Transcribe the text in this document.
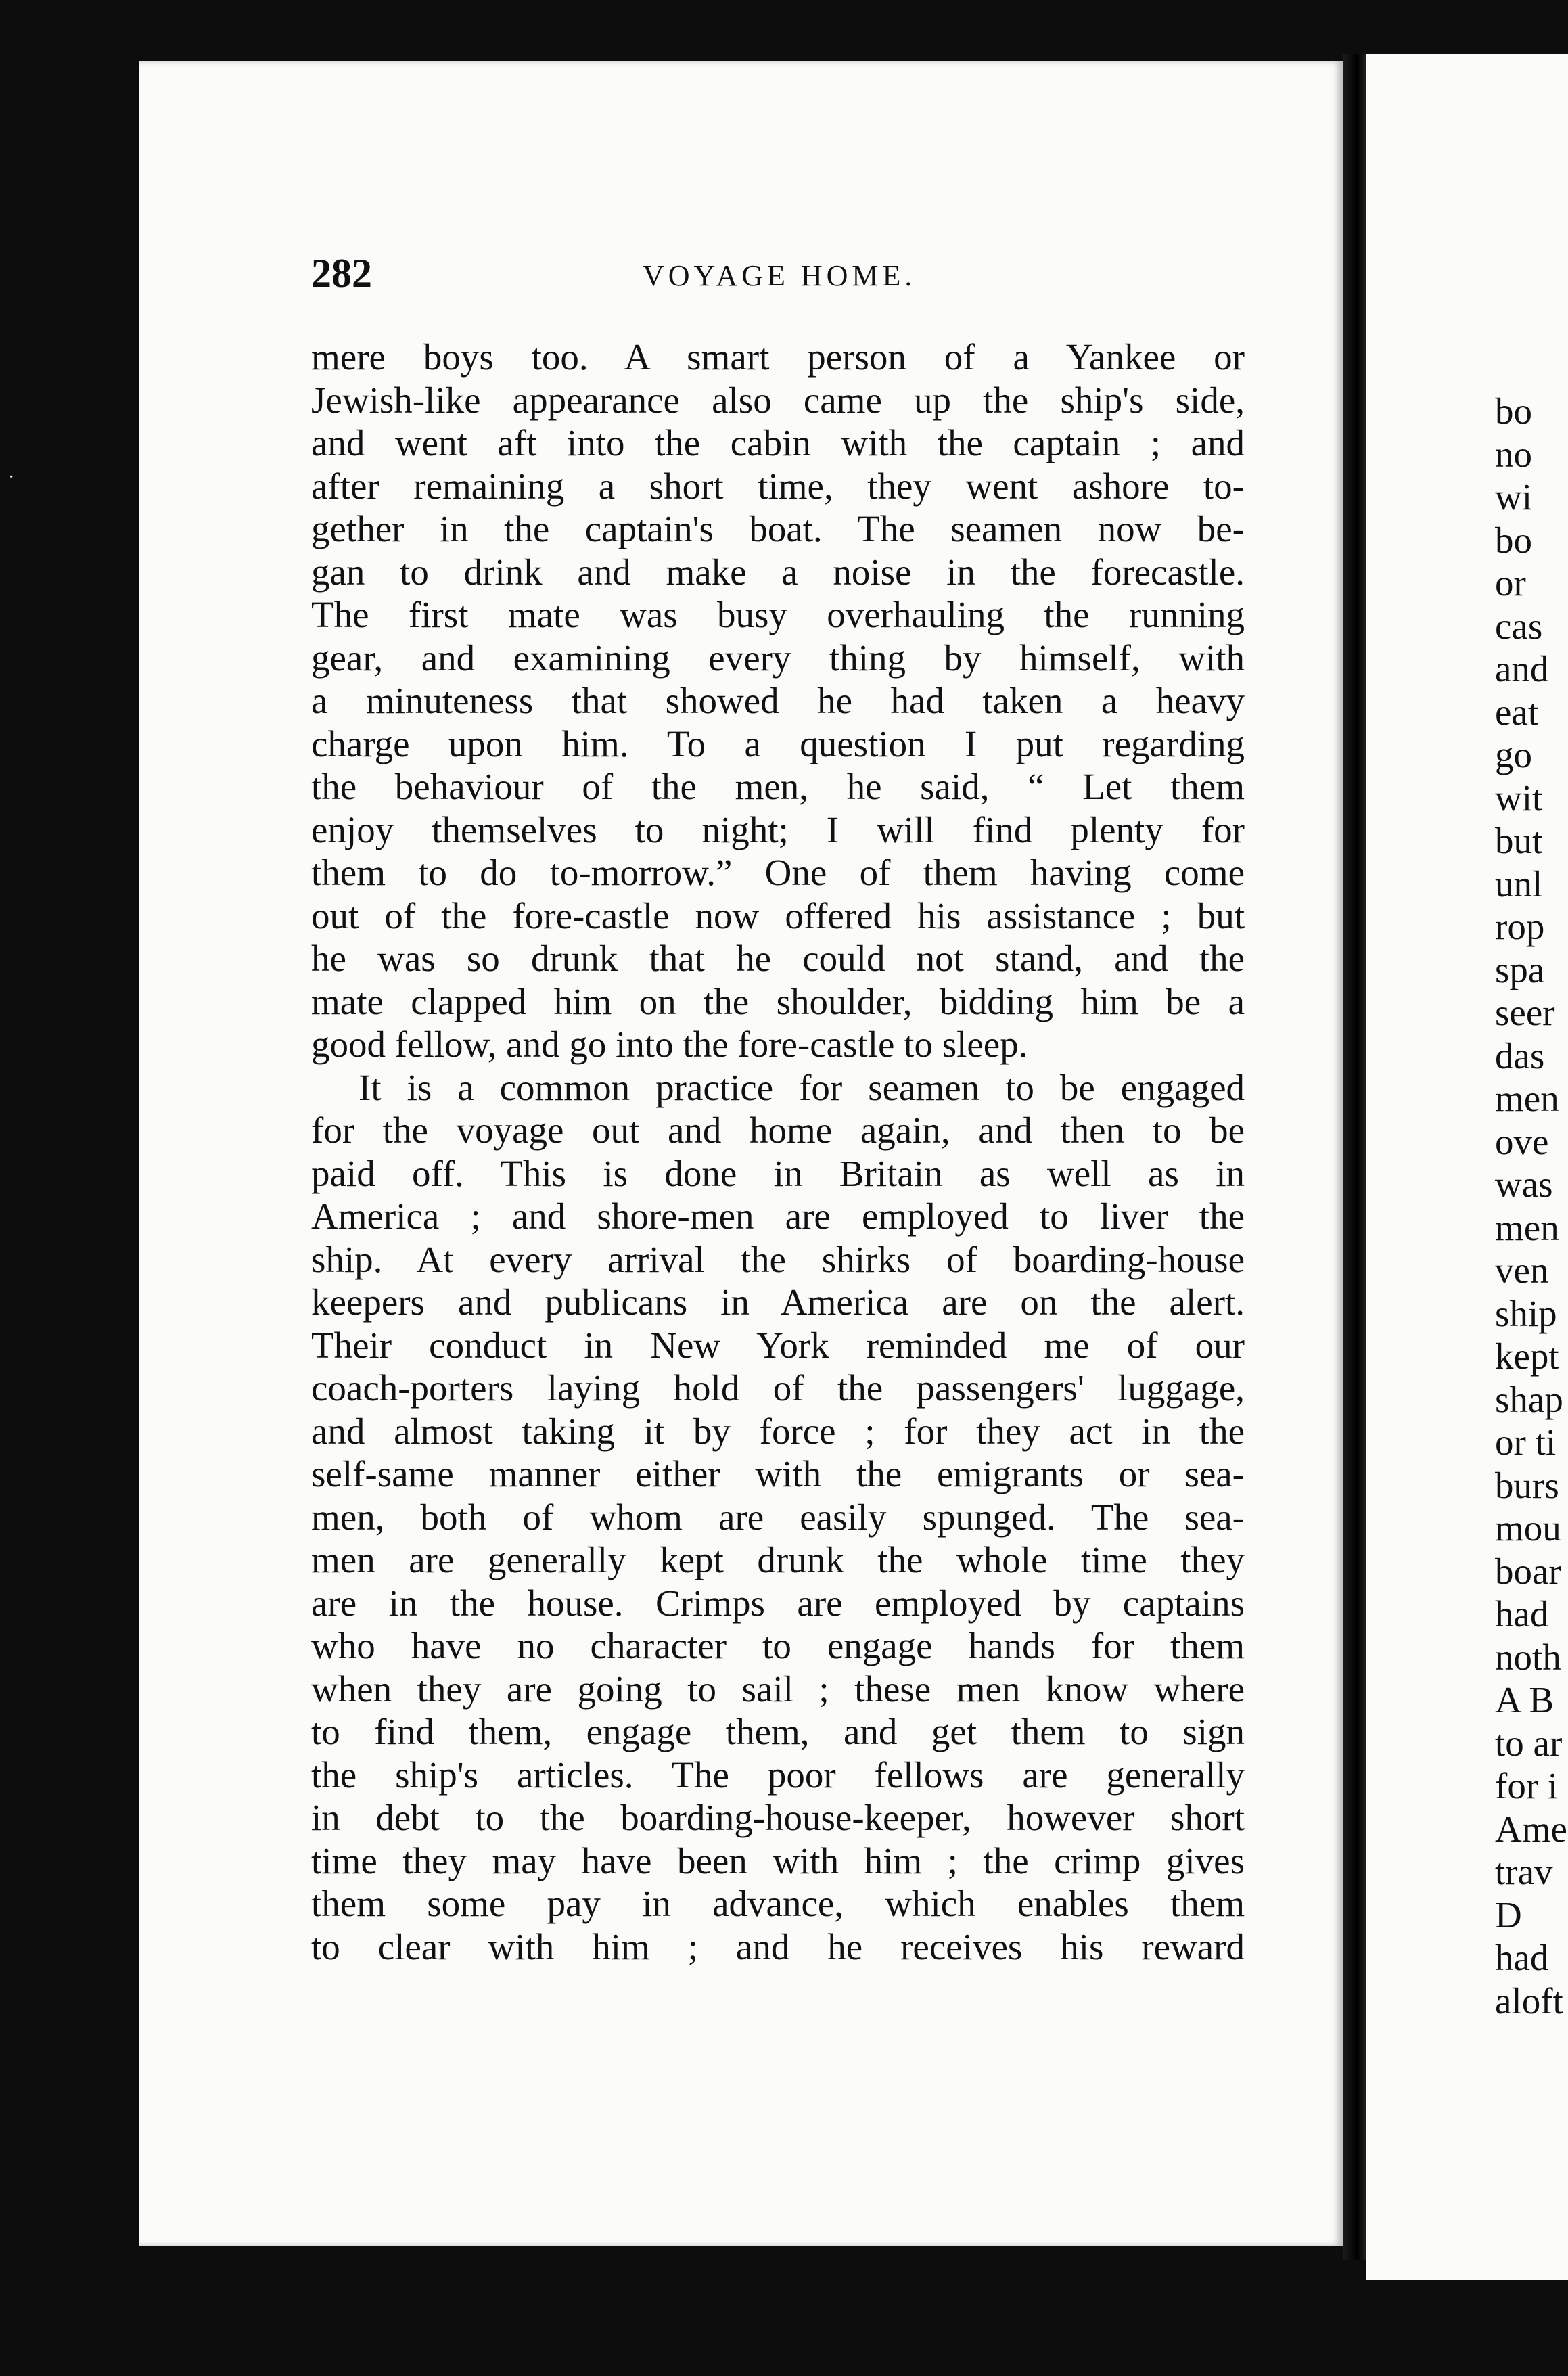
bo
no
wi
bo
or
cas
and
eat
go
wit
but
unl
rop
spa
seer
das
men
ove
was
men
ven
ship
kept
shap
or ti
burs
mou
boar
had
noth
A B
to ar
for i
Ame
trav
D
had
aloft
·
282	VOYAGE HOME.
mere boys too. A smart person of a Yankee or
Jewish-like appearance also came up the ship's side,
and went aft into the cabin with the captain ; and
after remaining a short time, they went ashore to-
gether in the captain's boat. The seamen now be-
gan to drink and make a noise in the forecastle.
The first mate was busy overhauling the running
gear, and examining every thing by himself, with
a minuteness that showed he had taken a heavy
charge upon him. To a question I put regarding
the behaviour of the men, he said, “ Let them
enjoy themselves to night; I will find plenty for
them to do to-morrow.” One of them having come
out of the fore-castle now offered his assistance ; but
he was so drunk that he could not stand, and the
mate clapped him on the shoulder, bidding him be a
good fellow, and go into the fore-castle to sleep.
It is a common practice for seamen to be engaged
for the voyage out and home again, and then to be
paid off. This is done in Britain as well as in
America ; and shore-men are employed to liver the
ship. At every arrival the shirks of boarding-house
keepers and publicans in America are on the alert.
Their conduct in New York reminded me of our
coach-porters laying hold of the passengers' luggage,
and almost taking it by force ; for they act in the
self-same manner either with the emigrants or sea-
men, both of whom are easily spunged. The sea-
men are generally kept drunk the whole time they
are in the house. Crimps are employed by captains
who have no character to engage hands for them
when they are going to sail ; these men know where
to find them, engage them, and get them to sign
the ship's articles. The poor fellows are generally
in debt to the boarding-house-keeper, however short
time they may have been with him ; the crimp gives
them some pay in advance, which enables them
to clear with him ; and he receives his reward
